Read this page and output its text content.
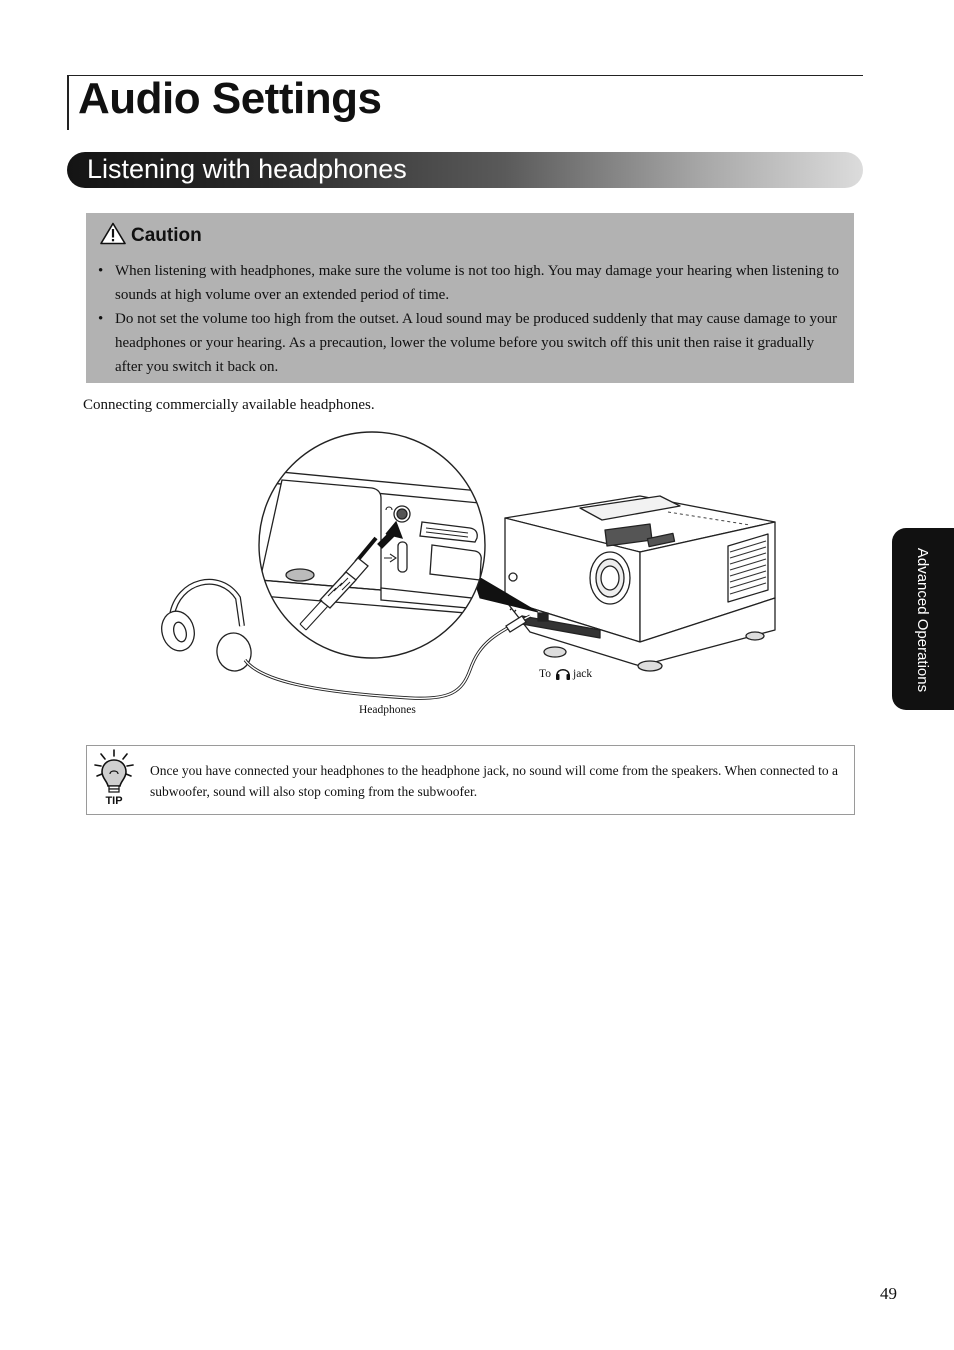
Audio Settings
Listening with headphones
Caution
• When listening with headphones, make sure the volume is not too high. You may damage your hearing when listening to sounds at high volume over an extended period of time.
• Do not set the volume too high from the outset. A loud sound may be produced suddenly that may cause damage to your headphones or your hearing. As a precaution, lower the volume before you switch off this unit then raise it gradually after you switch it back on.
Connecting commercially available headphones.
To jack
Headphones
TIP
Once you have connected your headphones to the headphone jack, no sound will come from the speakers. When connected to a subwoofer, sound will also stop coming from the subwoofer.
Advanced Operations
49
